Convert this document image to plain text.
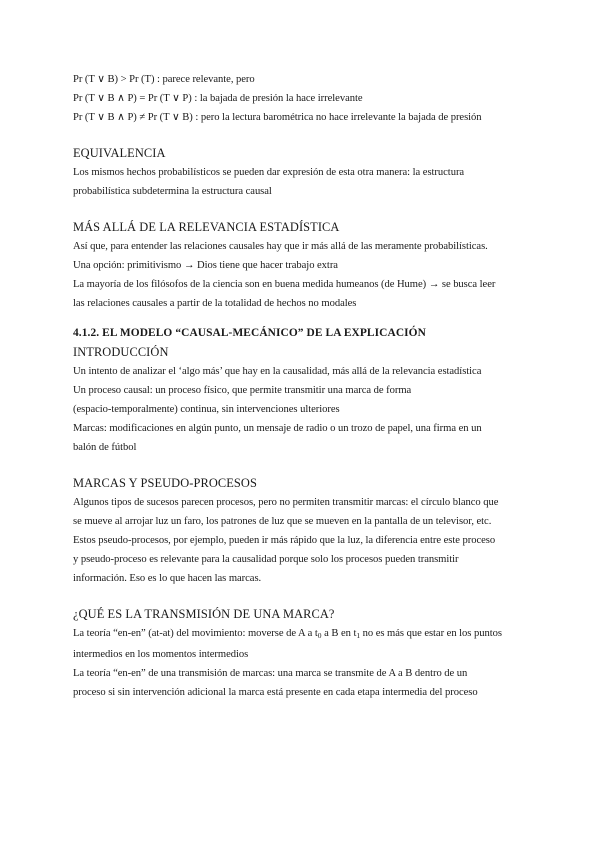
Pr (T ∨ B) > Pr (T) : parece relevante, pero
Pr (T ∨ B ∧ P) = Pr (T ∨ P) : la bajada de presión la hace irrelevante
Pr (T ∨ B ∧ P) ≠ Pr (T ∨ B) : pero la lectura barométrica no hace irrelevante la bajada de presión
EQUIVALENCIA
Los mismos hechos probabilísticos se pueden dar expresión de esta otra manera: la estructura
probabilística subdetermina la estructura causal
MÁS ALLÁ DE LA RELEVANCIA ESTADÍSTICA
Así que, para entender las relaciones causales hay que ir más allá de las meramente probabilísticas.
Una opción: primitivismo → Dios tiene que hacer trabajo extra
La mayoría de los filósofos de la ciencia son en buena medida humeanos (de Hume) → se busca leer
las relaciones causales a partir de la totalidad de hechos no modales
4.1.2. EL MODELO “CAUSAL-MECÁNICO” DE LA EXPLICACIÓN
INTRODUCCIÓN
Un intento de analizar el ‘algo más’ que hay en la causalidad, más allá de la relevancia estadística
Un proceso causal: un proceso físico, que permite transmitir una marca de forma
(espacio-temporalmente) continua, sin intervenciones ulteriores
Marcas: modificaciones en algún punto, un mensaje de radio o un trozo de papel, una firma en un
balón de fútbol
MARCAS Y PSEUDO-PROCESOS
Algunos tipos de sucesos parecen procesos, pero no permiten transmitir marcas: el círculo blanco que
se mueve al arrojar luz un faro, los patrones de luz que se mueven en la pantalla de un televisor, etc.
Estos pseudo-procesos, por ejemplo, pueden ir más rápido que la luz, la diferencia entre este proceso
y pseudo-proceso es relevante para la causalidad porque solo los procesos pueden transmitir
información. Eso es lo que hacen las marcas.
¿QUÉ ES LA TRANSMISIÓN DE UNA MARCA?
La teoría “en-en” (at-at) del movimiento: moverse de A a $t_0$ a B en $t_1$ no es más que estar en los puntos
intermedios en los momentos intermedios
La teoría “en-en” de una transmisión de marcas: una marca se transmite de A a B dentro de un
proceso si sin intervención adicional la marca está presente en cada etapa intermedia del proceso
